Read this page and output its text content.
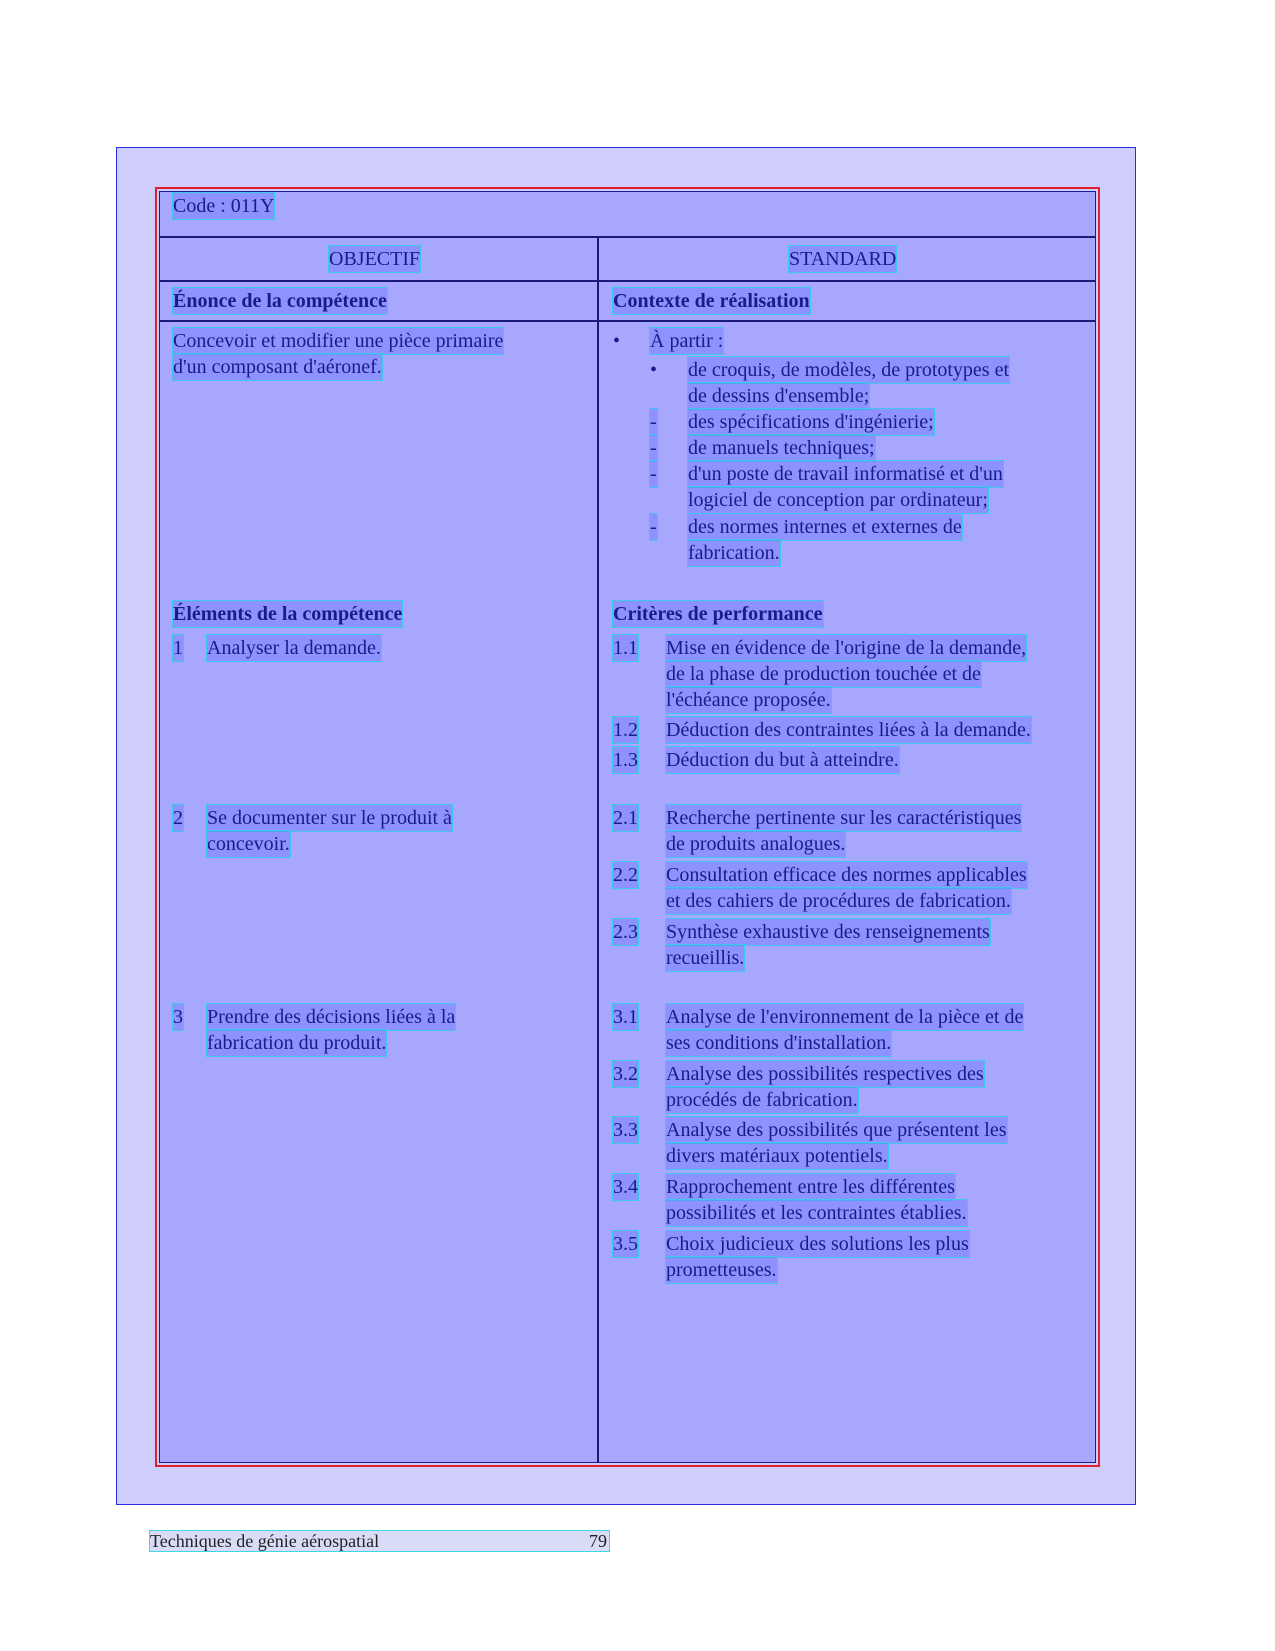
Code : 011Y
OBJECTIF	STANDARD
Énonce de la compétence
Concevoir et modifier une pièce primaire
d'un composant d'aéronef.
Éléments de la compétence
1 Analyser la demande.
2 Se documenter sur le produit à
concevoir.
3 Prendre des décisions liées à la
fabrication du produit.
Contexte de réalisation
• À partir :
• de croquis, de modèles, de prototypes et
de dessins d'ensemble;
- des spécifications d'ingénierie;
- de manuels techniques;
- d'un poste de travail informatisé et d'un
logiciel de conception par ordinateur;
- des normes internes et externes de
fabrication.
Critères de performance
1.1 Mise en évidence de l'origine de la demande,
de la phase de production touchée et de
l'échéance proposée.
1.2 Déduction des contraintes liées à la demande.
1.3 Déduction du but à atteindre.
2.1 Recherche pertinente sur les caractéristiques
de produits analogues.
2.2 Consultation efficace des normes applicables
et des cahiers de procédures de fabrication.
2.3 Synthèse exhaustive des renseignements
recueillis.
3.1 Analyse de l'environnement de la pièce et de
ses conditions d'installation.
3.2 Analyse des possibilités respectives des
procédés de fabrication.
3.3 Analyse des possibilités que présentent les
divers matériaux potentiels.
3.4 Rapprochement entre les différentes
possibilités et les contraintes établies.
3.5 Choix judicieux des solutions les plus
prometteuses.
Techniques de génie aérospatial	79
